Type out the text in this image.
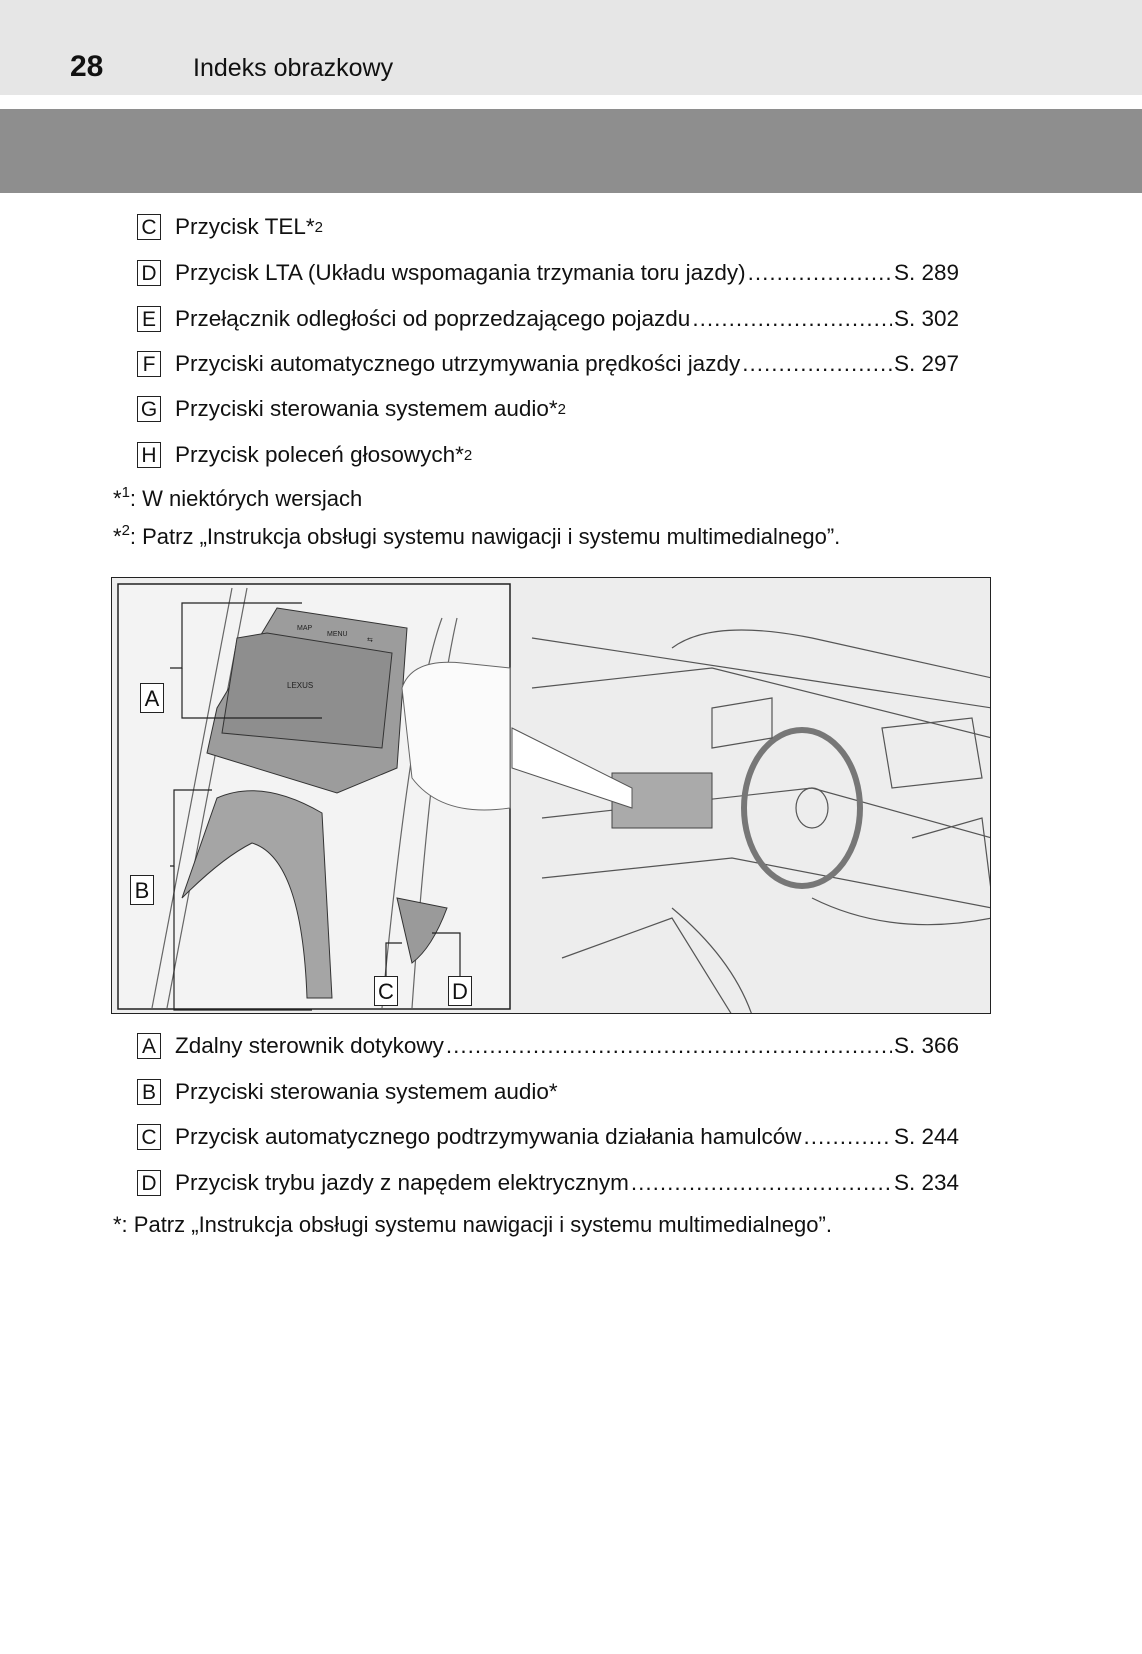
28	Indeks obrazkowy
C Przycisk TEL* 2
D Przycisk LTA (Układu wspomagania trzymania toru jazdy) .....	S. 289
E Przełącznik odległości od poprzedzającego pojazdu .....	S. 302
F Przyciski automatycznego utrzymywania prędkości jazdy .....	S. 297
G Przyciski sterowania systemem audio* 2
H Przycisk poleceń głosowych* 2
*$^1$: W niektórych wersjach
*$^2$: Patrz „Instrukcja obsługi systemu nawigacji i systemu multimedialnego”.
MAP
MENU
⇆
LEXUS
A
B
C	D
A Zdalny sterownik dotykowy .....	S. 366
B Przyciski sterowania systemem audio*
C Przycisk automatycznego podtrzymywania działania hamulców .....	S. 244
D Przycisk trybu jazdy z napędem elektrycznym .....	S. 234
*: Patrz „Instrukcja obsługi systemu nawigacji i systemu multimedialnego”.
